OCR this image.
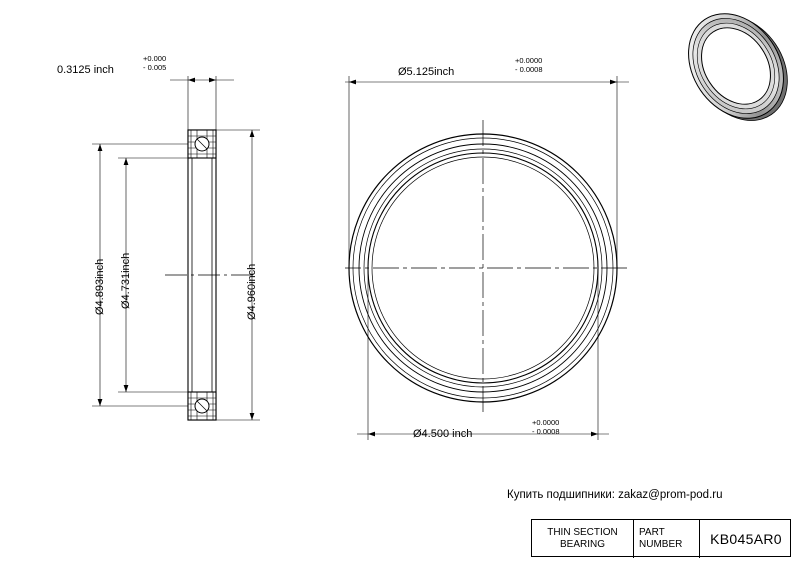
0.3125 inch
+0.000
- 0.005
Ø4.893inch Ø4.731inch	Ø4.960inch
Ø5.125inch
+0.0000
- 0.0008
Ø4.500 inch
+0.0000
- 0.0008
Купить подшипники: zakaz@prom-pod.ru
THIN SECTION
BEARING
PART
NUMBER KB045AR0
